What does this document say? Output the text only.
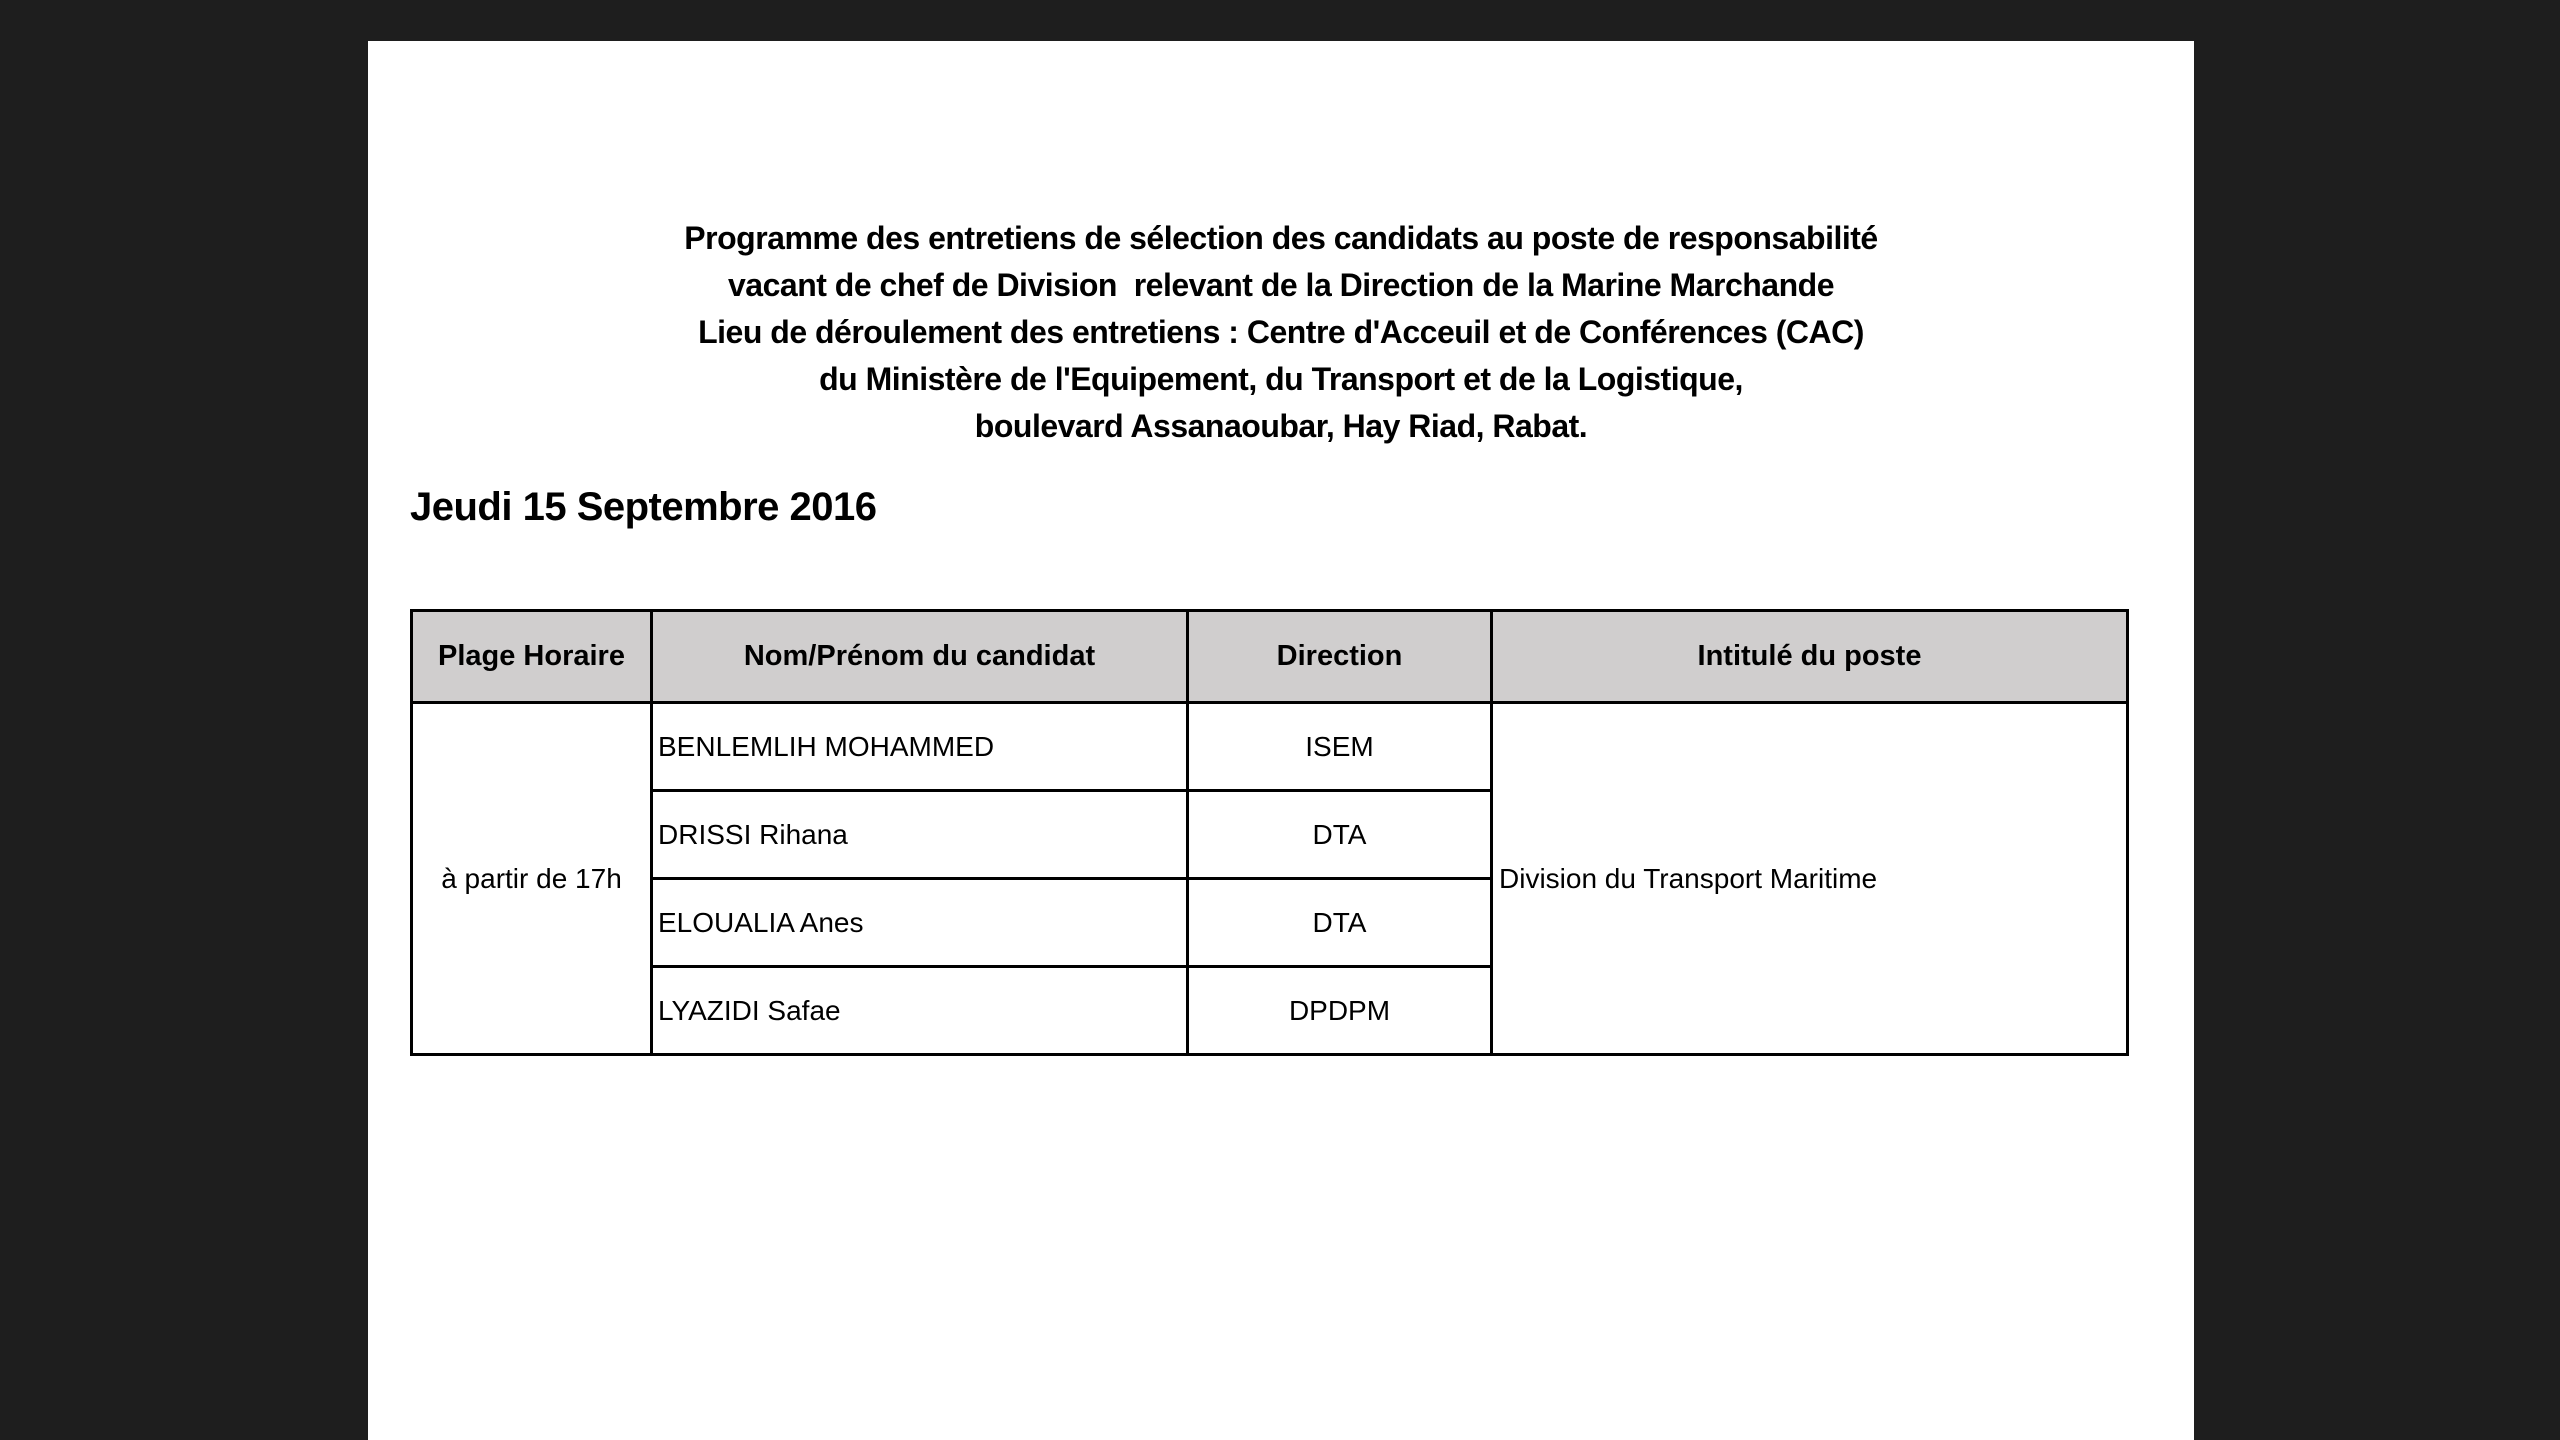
Programme des entretiens de sélection des candidats au poste de responsabilité
vacant de chef de Division  relevant de la Direction de la Marine Marchande
Lieu de déroulement des entretiens : Centre d'Acceuil et de Conférences (CAC)
du Ministère de l'Equipement, du Transport et de la Logistique,
boulevard Assanaoubar, Hay Riad, Rabat.
Jeudi 15 Septembre 2016
Plage Horaire	Nom/Prénom du candidat	Direction	Intitulé du poste
à partir de 17h	BENLEMLIH MOHAMMED	ISEM	Division du Transport Maritime
	DRISSI Rihana	DTA	
	ELOUALIA Anes	DTA	
	LYAZIDI Safae	DPDPM	
